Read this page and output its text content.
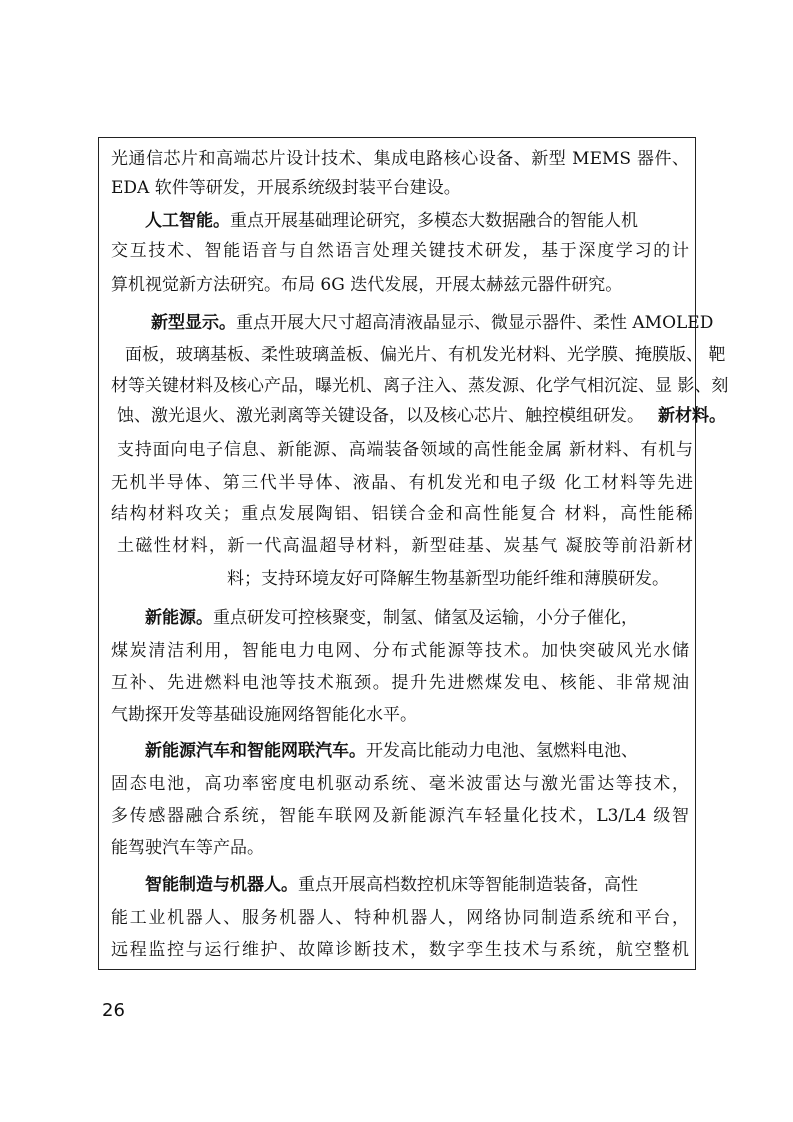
光通信芯片和高端芯片设计技术、集成电路核心设备、新型 MEMS 器件、
EDA 软件等研发，开展系统级封装平台建设。
人工智能。重点开展基础理论研究，多模态大数据融合的智能人机
交互技术、智能语音与自然语言处理关键技术研发，基于深度学习的计
算机视觉新方法研究。布局 6G 迭代发展，开展太赫兹元器件研究。
新型显示。重点开展大尺寸超高清液晶显示、微显示器件、柔性 AMOLED
面板，玻璃基板、柔性玻璃盖板、偏光片、有机发光材料、光学膜、掩膜版、 靶
材等关键材料及核心产品，曝光机、离子注入、蒸发源、化学气相沉淀、显 影、刻
蚀、激光退火、激光剥离等关键设备，以及核心芯片、触控模组研发。 新材料。
支持面向电子信息、新能源、高端装备领域的高性能金属 新材料、有机与
无机半导体、第三代半导体、液晶、有机发光和电子级 化工材料等先进
结构材料攻关；重点发展陶铝、铝镁合金和高性能复合 材料，高性能稀
土磁性材料，新一代高温超导材料，新型硅基、炭基气 凝胶等前沿新材
料；支持环境友好可降解生物基新型功能纤维和薄膜研发。
新能源。重点研发可控核聚变，制氢、储氢及运输，小分子催化，
煤炭清洁利用，智能电力电网、分布式能源等技术。加快突破风光水储
互补、先进燃料电池等技术瓶颈。提升先进燃煤发电、核能、非常规油
气勘探开发等基础设施网络智能化水平。
新能源汽车和智能网联汽车。开发高比能动力电池、氢燃料电池、
固态电池，高功率密度电机驱动系统、毫米波雷达与激光雷达等技术，
多传感器融合系统，智能车联网及新能源汽车轻量化技术，L3/L4 级智
能驾驶汽车等产品。
智能制造与机器人。重点开展高档数控机床等智能制造装备，高性
能工业机器人、服务机器人、特种机器人，网络协同制造系统和平台，
远程监控与运行维护、故障诊断技术，数字孪生技术与系统，航空整机
26
